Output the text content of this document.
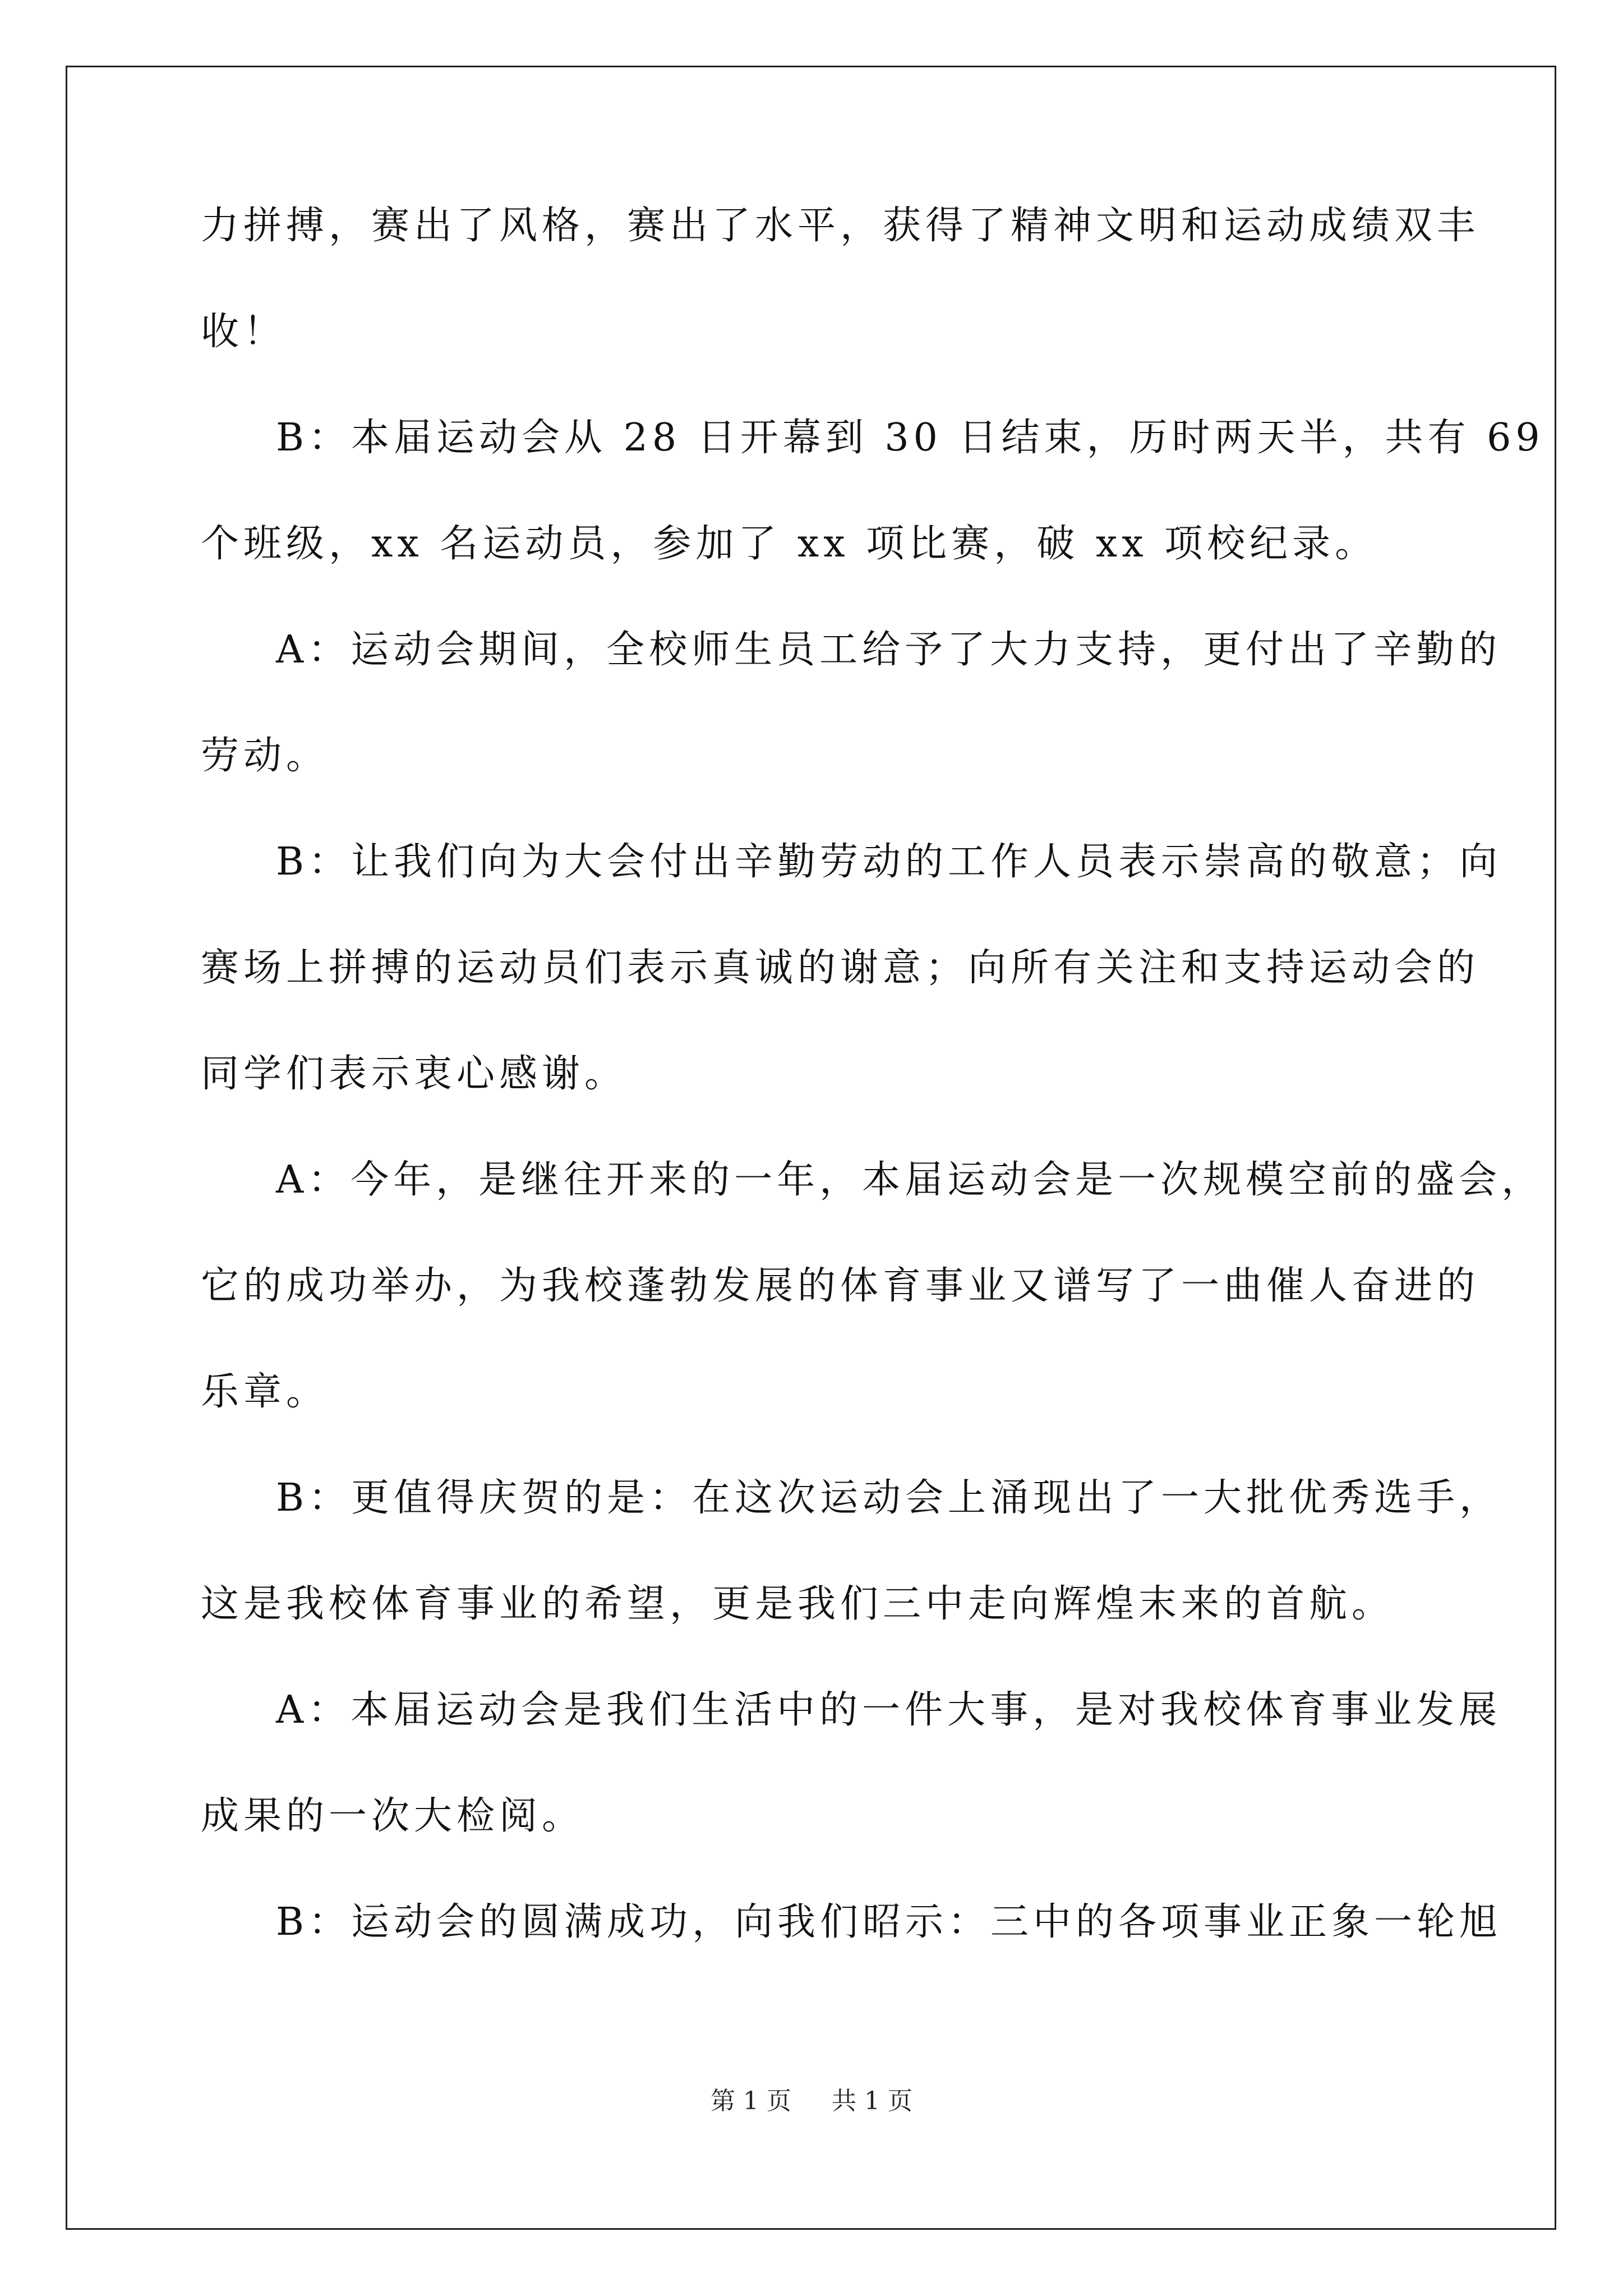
力拼搏，赛出了风格，赛出了水平，获得了精神文明和运动成绩双丰
收！
B：本届运动会从 28 日开幕到 30 日结束，历时两天半，共有 69
个班级，xx 名运动员，参加了 xx 项比赛，破 xx 项校纪录。
A：运动会期间，全校师生员工给予了大力支持，更付出了辛勤的
劳动。
B：让我们向为大会付出辛勤劳动的工作人员表示崇高的敬意；向
赛场上拼搏的运动员们表示真诚的谢意；向所有关注和支持运动会的
同学们表示衷心感谢。
A：今年，是继往开来的一年，本届运动会是一次规模空前的盛会，
它的成功举办，为我校蓬勃发展的体育事业又谱写了一曲催人奋进的
乐章。
B：更值得庆贺的是：在这次运动会上涌现出了一大批优秀选手，
这是我校体育事业的希望，更是我们三中走向辉煌末来的首航。
A：本届运动会是我们生活中的一件大事，是对我校体育事业发展
成果的一次大检阅。
B：运动会的圆满成功，向我们昭示：三中的各项事业正象一轮旭
第 1 页 共 1 页
